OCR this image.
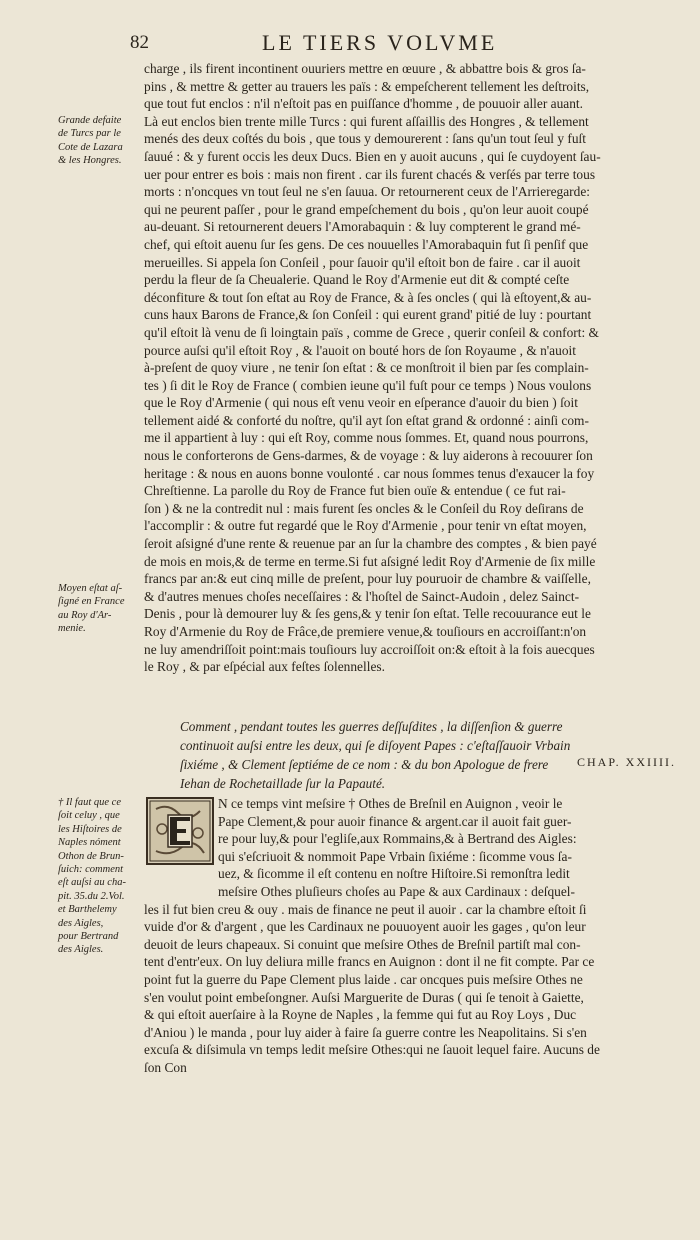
82	LE TIERS VOLVME
charge , ils firent incontinent ouuriers mettre en œuure , & abbattre bois & gros ſa-
pins , & mettre & getter au trauers les païs : & empeſcherent tellement les deſtroits,
que tout fut enclos : n'il n'eſtoit pas en puiſſance d'homme , de pouuoir aller auant.
Là eut enclos bien trente mille Turcs : qui furent aſſaillis des Hongres , & tellement
menés des deux coſtés du bois , que tous y demourerent : ſans qu'un tout ſeul y fuſt
ſauué : & y furent occis les deux Ducs. Bien en y auoit aucuns , qui ſe cuydoyent ſau-
uer pour entrer es bois : mais non firent . car ils furent chacés & verſés par terre tous
morts : n'oncques vn tout ſeul ne s'en ſauua. Or retournerent ceux de l'Arrieregarde:
qui ne peurent paſſer , pour le grand empeſchement du bois , qu'on leur auoit coupé
au-deuant. Si retournerent deuers l'Amorabaquin : & luy compterent le grand mé-
chef, qui eſtoit auenu ſur ſes gens. De ces nouuelles l'Amorabaquin fut ſi penſif que
merueilles. Si appela ſon Conſeil , pour ſauoir qu'il eſtoit bon de faire . car il auoit
perdu la fleur de ſa Cheualerie. Quand le Roy d'Armenie eut dit & compté ceſte
déconfiture & tout ſon eſtat au Roy de France, & à ſes oncles ( qui là eſtoyent,& au-
cuns haux Barons de France,& ſon Conſeil : qui eurent grand' pitié de luy : pourtant
qu'il eſtoit là venu de ſi loingtain païs , comme de Grece , querir conſeil & confort: &
pource auſsi qu'il eſtoit Roy , & l'auoit on bouté hors de ſon Royaume , & n'auoit
à-preſent de quoy viure , ne tenir ſon eſtat : & ce monſtroit il bien par ſes complain-
tes ) ſi dit le Roy de France ( combien ieune qu'il fuſt pour ce temps ) Nous voulons
que le Roy d'Armenie ( qui nous eſt venu veoir en eſperance d'auoir du bien ) ſoit
tellement aidé & conforté du noſtre, qu'il ayt ſon eſtat grand & ordonné : ainſi com-
me il appartient à luy : qui eſt Roy, comme nous ſommes. Et, quand nous pourrons,
nous le conforterons de Gens-darmes, & de voyage : & luy aiderons à recouurer ſon
heritage : & nous en auons bonne voulonté . car nous ſommes tenus d'exaucer la foy
Chreſtienne. La parolle du Roy de France fut bien ouïe & entendue ( ce fut rai-
ſon ) & ne la contredit nul : mais furent ſes oncles & le Conſeil du Roy deſirans de
l'accomplir : & outre fut regardé que le Roy d'Armenie , pour tenir vn eſtat moyen,
ſeroit aſsigné d'une rente & reuenue par an ſur la chambre des comptes , & bien payé
de mois en mois,& de terme en terme.Si fut aſsigné ledit Roy d'Armenie de ſix mille
francs par an:& eut cinq mille de preſent, pour luy pouruoir de chambre & vaiſſelle,
& d'autres menues choſes neceſſaires : & l'hoſtel de Sainct-Audoin , delez Sainct-
Denis , pour là demourer luy & ſes gens,& y tenir ſon eſtat. Telle recouurance eut le
Roy d'Armenie du Roy de Frâce,de premiere venue,& touſiours en accroiſſant:n'on
ne luy amendriſſoit point:mais touſiours luy accroiſſoit on:& eſtoit à la fois auecques
le Roy , & par eſpécial aux feſtes ſolennelles.
Comment , pendant toutes les guerres deſſuſdites , la diſſenſion & guerre
continuoit auſsi entre les deux, qui ſe diſoyent Papes : c'eſtaſſauoir Vrbain
ſixiéme , & Clement ſeptiéme de ce nom : & du bon Apologue de frere
Iehan de Rochetaillade ſur la Papauté.
CHAP. XXIIII.
N ce temps vint meſsire † Othes de Breſnil en Auignon , veoir le
Pape Clement,& pour auoir finance & argent.car il auoit fait guer-
re pour luy,& pour l'egliſe,aux Rommains,& à Bertrand des Aigles:
qui s'eſcriuoit & nommoit Pape Vrbain ſixiéme : ſicomme vous ſa-
uez, & ſicomme il eſt contenu en noſtre Hiſtoire.Si remonſtra ledit
meſsire Othes pluſieurs choſes au Pape & aux Cardinaux : deſquel-
les il fut bien creu & ouy . mais de finance ne peut il auoir . car la chambre eſtoit ſi
vuide d'or & d'argent , que les Cardinaux ne pouuoyent auoir les gages , qu'on leur
deuoit de leurs chapeaux. Si conuint que meſsire Othes de Breſnil partiſt mal con-
tent d'entr'eux. On luy deliura mille francs en Auignon : dont il ne fit compte. Par ce
point fut la guerre du Pape Clement plus laide . car oncques puis meſsire Othes ne
s'en voulut point embeſongner. Auſsi Marguerite de Duras ( qui ſe tenoit à Gaiette,
& qui eſtoit auerſaire à la Royne de Naples , la femme qui fut au Roy Loys , Duc
d'Aniou ) le manda , pour luy aider à faire ſa guerre contre les Neapolitains. Si s'en
excuſa & diſsimula vn temps ledit meſsire Othes:qui ne ſauoit lequel faire. Aucuns de
ſon Con
Grande defaite
de Turcs par le
Cote de Lazara
& les Hongres.
Moyen eſtat aſ-
ſigné en France
au Roy d'Ar-
menie.
† Il faut que ce
ſoit celuy , que
les Hiſtoires de
Naples nóment
Othon de Brun-
ſuich: comment
eſt auſsi au cha-
pit. 35.du 2.Vol.
et Barthelemy
des Aigles,
pour Bertrand
des Aigles.
